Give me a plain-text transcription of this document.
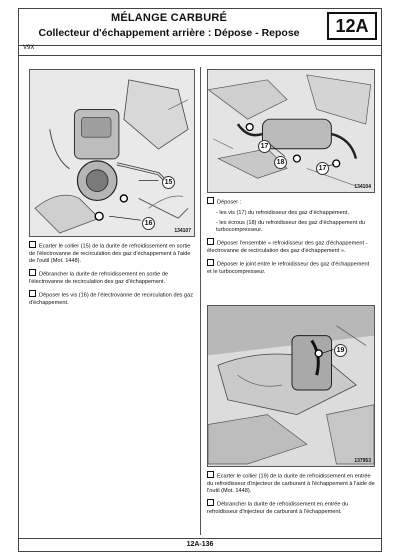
MÉLANGE CARBURÉ
Collecteur d'échappement arrière : Dépose - Repose	12A
V9X
15
16
134107
Ecarter le collier (15) de la durite de refroidissement en sortie de l'électrovanne de recirculation des gaz d'échappement à l'aide de l'outil (Mot. 1448).
Débrancher la durite de refroidissement en sortie de l'électrovanne de recirculation des gaz d'échappement.
Déposer les vis (16) de l'électrovanne de recirculation des gaz d'échappement.
17
18
17
134104
Déposer :
- les vis (17) du refroidisseur des gaz d'échappement,
- les écrous (18) du refroidisseur des gaz d'échappement du turbocompresseur.
Déposer l'ensemble « refroidisseur des gaz d'échappement - électrovanne de recirculation des gaz d'échappement ».
Déposer le joint entre le refroidisseur des gaz d'échappement et le turbocompresseur.
19
137953
Ecarter le collier (19) de la durite de refroidissement en entrée du refroidisseur d'injecteur de carburant à l'échappement à l'aide de l'outil (Mot. 1448).
Débrancher la durite de refroidissement en entrée du refroidisseur d'injecteur de carburant à l'échappement.
12A-136
